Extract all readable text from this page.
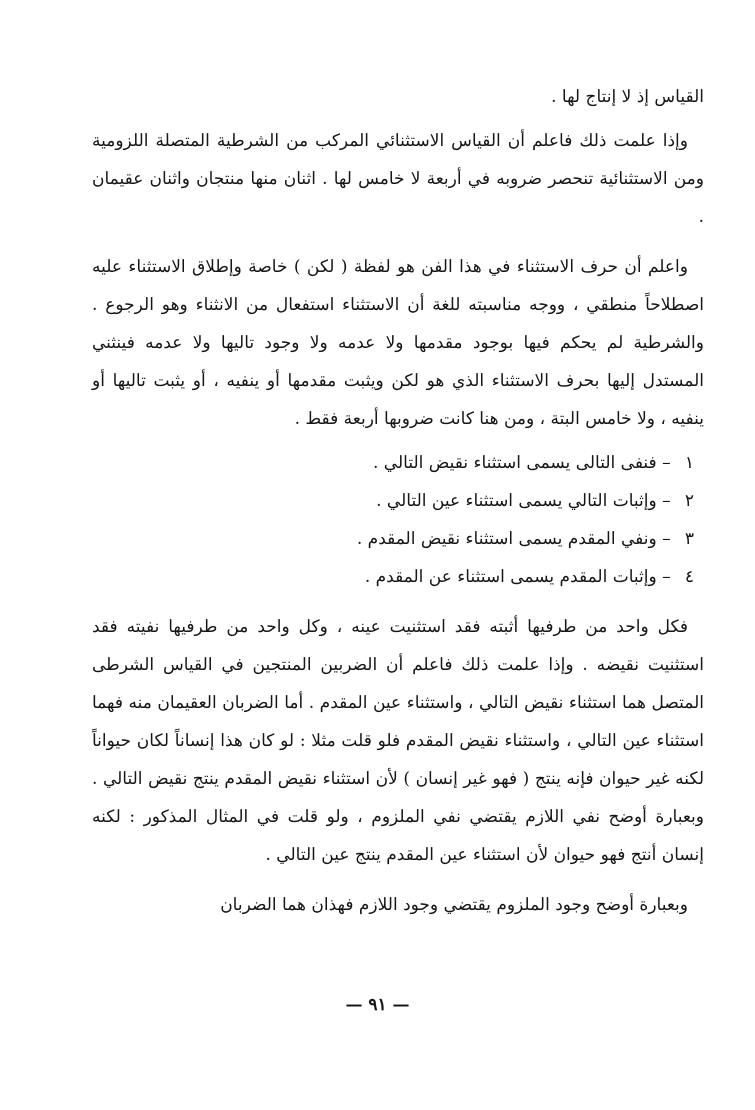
القياس إذ لا إنتاج لها .

وإذا علمت ذلك فاعلم أن القياس الاستثنائي المركب من الشرطية المتصلة اللزومية ومن الاستثنائية تنحصر ضروبه في أربعة لا خامس لها . اثنان منها منتجان واثنان عقيمان .

واعلم أن حرف الاستثناء في هذا الفن هو لفظة ( لكن ) خاصة وإطلاق الاستثناء عليه اصطلاحاً منطقي ، ووجه مناسبته للغة أن الاستثناء استفعال من الانثناء وهو الرجوع . والشرطية لم يحكم فيها بوجود مقدمها ولا عدمه ولا وجود تاليها ولا عدمه فينثني المستدل إليها بحرف الاستثناء الذي هو لكن ويثبت مقدمها أو ينفيه ، أو يثبت تاليها أو ينفيه ، ولا خامس البتة ، ومن هنا كانت ضروبها أربعة فقط .

١ – فنفى التالى يسمى استثناء نقيض التالي .
٢ – وإثبات التالي يسمى استثناء عين التالي .
٣ – ونفي المقدم يسمى استثناء نقيض المقدم .
٤ – وإثبات المقدم يسمى استثناء عن المقدم .

فكل واحد من طرفيها أثبته فقد استثنيت عينه ، وكل واحد من طرفيها نفيته فقد استثنيت نقيضه . وإذا علمت ذلك فاعلم أن الضربين المنتجين في القياس الشرطى المتصل هما استثناء نقيض التالي ، واستثناء عين المقدم . أما الضربان العقيمان منه فهما استثناء عين التالي ، واستثناء نقيض المقدم فلو قلت مثلا : لو كان هذا إنساناً لكان حيواناً لكنه غير حيوان فإنه ينتج ( فهو غير إنسان ) لأن استثناء نقيض المقدم ينتج نقيض التالي . وبعبارة أوضح نفي اللازم يقتضي نفي الملزوم ، ولو قلت في المثال المذكور : لكنه إنسان أنتج فهو حيوان لأن استثناء عين المقدم ينتج عين التالي .

وبعبارة أوضح وجود الملزوم يقتضي وجود اللازم فهذان هما الضربان

— ٩١ —
